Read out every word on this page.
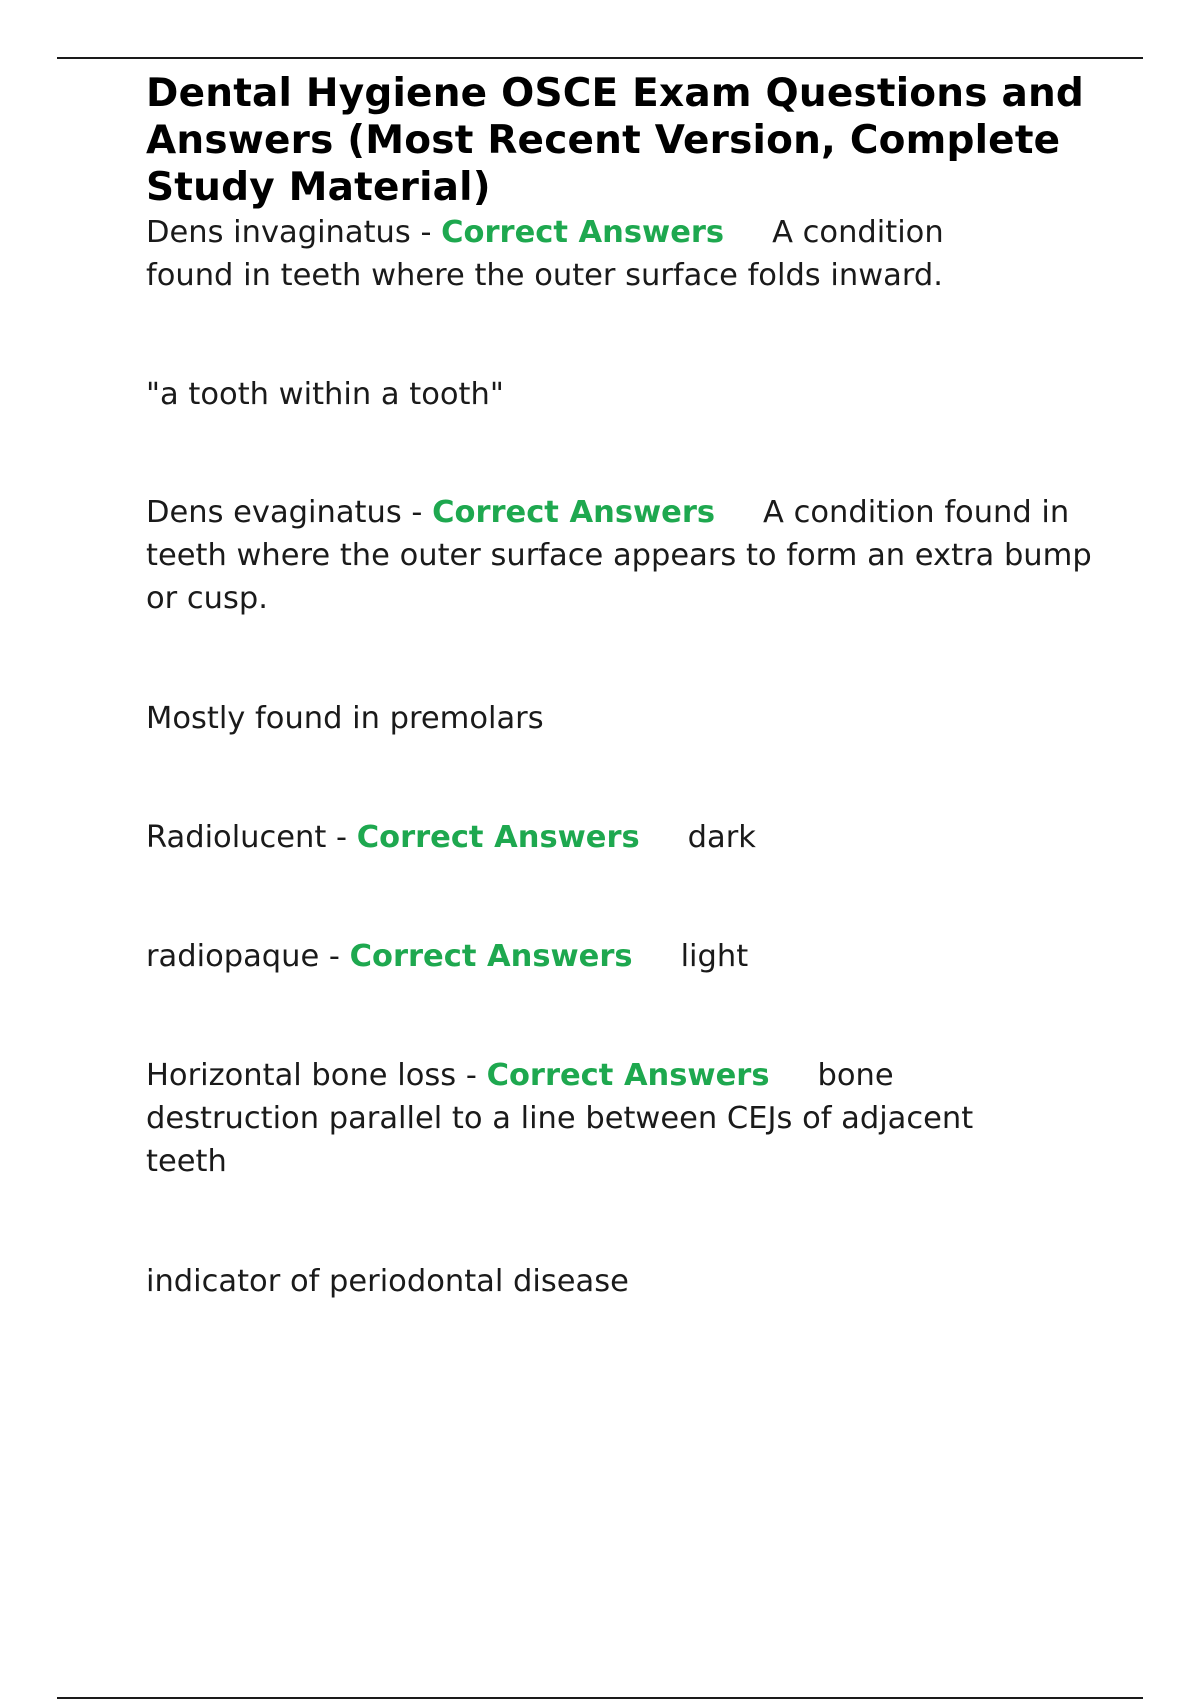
Dental Hygiene OSCE Exam Questions and Answers (Most Recent Version, Complete Study Material)

Dens invaginatus - Correct Answers A condition found in teeth where the outer surface folds inward.

"a tooth within a tooth"

Dens evaginatus - Correct Answers A condition found in teeth where the outer surface appears to form an extra bump or cusp.

Mostly found in premolars

Radiolucent - Correct Answers dark

radiopaque - Correct Answers light

Horizontal bone loss - Correct Answers bone destruction parallel to a line between CEJs of adjacent teeth

indicator of periodontal disease
